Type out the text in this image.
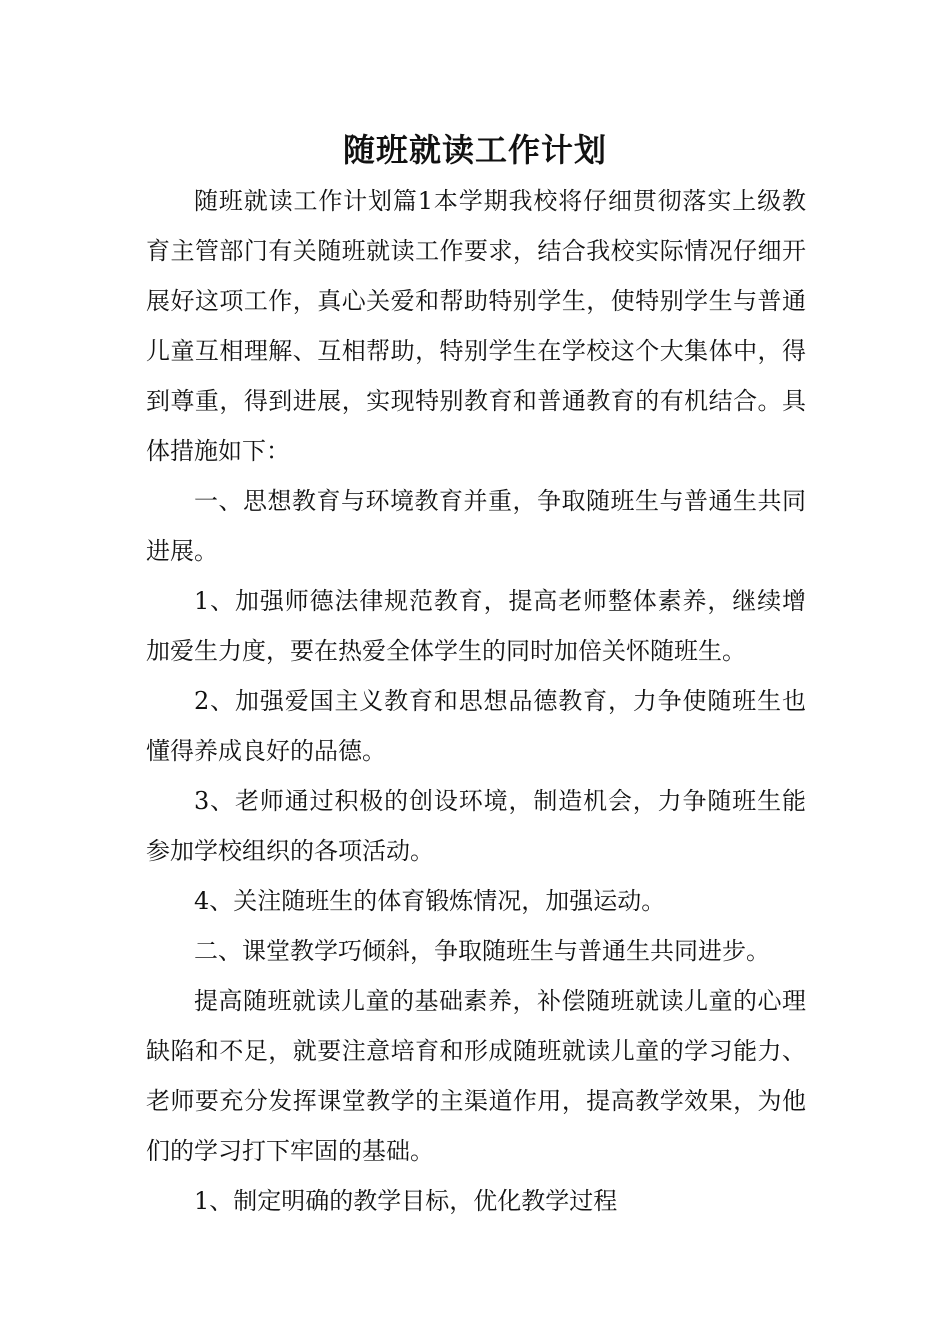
随班就读工作计划

随班就读工作计划篇1本学期我校将仔细贯彻落实上级教育主管部门有关随班就读工作要求，结合我校实际情况仔细开展好这项工作，真心关爱和帮助特别学生，使特别学生与普通儿童互相理解、互相帮助，特别学生在学校这个大集体中，得到尊重，得到进展，实现特别教育和普通教育的有机结合。具体措施如下：

一、思想教育与环境教育并重，争取随班生与普通生共同进展。

1、加强师德法律规范教育，提高老师整体素养，继续增加爱生力度，要在热爱全体学生的同时加倍关怀随班生。

2、加强爱国主义教育和思想品德教育，力争使随班生也懂得养成良好的品德。

3、老师通过积极的创设环境，制造机会，力争随班生能参加学校组织的各项活动。

4、关注随班生的体育锻炼情况，加强运动。

二、课堂教学巧倾斜，争取随班生与普通生共同进步。

提高随班就读儿童的基础素养，补偿随班就读儿童的心理缺陷和不足，就要注意培育和形成随班就读儿童的学习能力、老师要充分发挥课堂教学的主渠道作用，提高教学效果，为他们的学习打下牢固的基础。

1、制定明确的教学目标，优化教学过程
